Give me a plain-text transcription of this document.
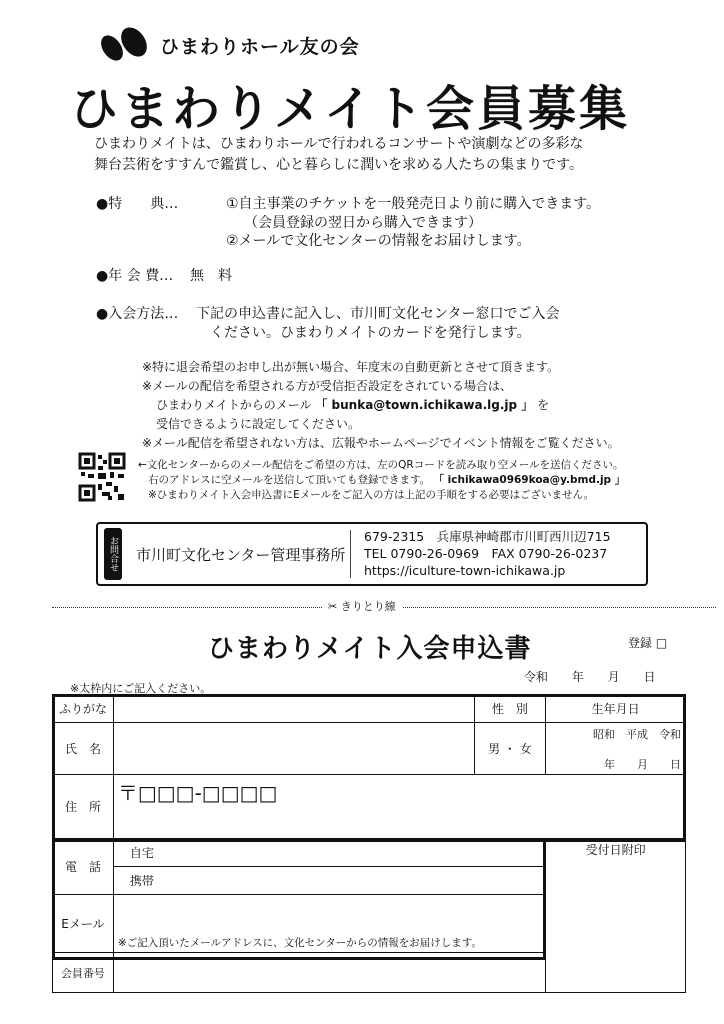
ひまわりホール友の会
ひまわりメイト会員募集
ひまわりメイトは、ひまわりホールで行われるコンサートや演劇などの多彩な
舞台芸術をすすんで鑑賞し、心と暮らしに潤いを求める人たちの集まりです。
●特　　典…	①自主事業のチケットを一般発売日より前に購入できます。
（会員登録の翌日から購入できます）
②メールで文化センターの情報をお届けします。
●年 会 費… 無　料
●入会方法… 下記の申込書に記入し、市川町文化センター窓口でご入会
ください。ひまわりメイトのカードを発行します。
※特に退会希望のお申し出が無い場合、年度末の自動更新とさせて頂きます。
※メールの配信を希望される方が受信拒否設定をされている場合は、
ひまわりメイトからのメール 「 bunka@town.ichikawa.lg.jp 」 を
受信できるように設定してください。
※メール配信を希望されない方は、広報やホームページでイベント情報をご覧ください。
←文化センターからのメール配信をご希望の方は、左のQRコードを読み取り空メールを送信ください。
右のアドレスに空メールを送信して頂いても登録できます。 「 ichikawa0969koa@y.bmd.jp 」
※ひまわりメイト入会申込書にEメールをご記入の方は上記の手順をする必要はございません。
お問合せ 市川町文化センター管理事務所
679-2315　兵庫県神崎郡市川町西川辺715
TEL 0790-26-0969　FAX 0790-26-0237
https://iculture-town-ichikawa.jp
✂ きりとり線
ひまわりメイト入会申込書	登録 □
令和 年 月 日
※太枠内にご記入ください。
ふりがな		性　別	生年月日
氏　名		男 ・ 女	昭和　平成　令和
年　　月　　日

住　所	〒□□□-□□□□		
電　話	自宅		受付日附印
	携帯		
Eメール	※ご記入頂いたメールアドレスに、文化センターからの情報をお届けします。		
会員番号			
